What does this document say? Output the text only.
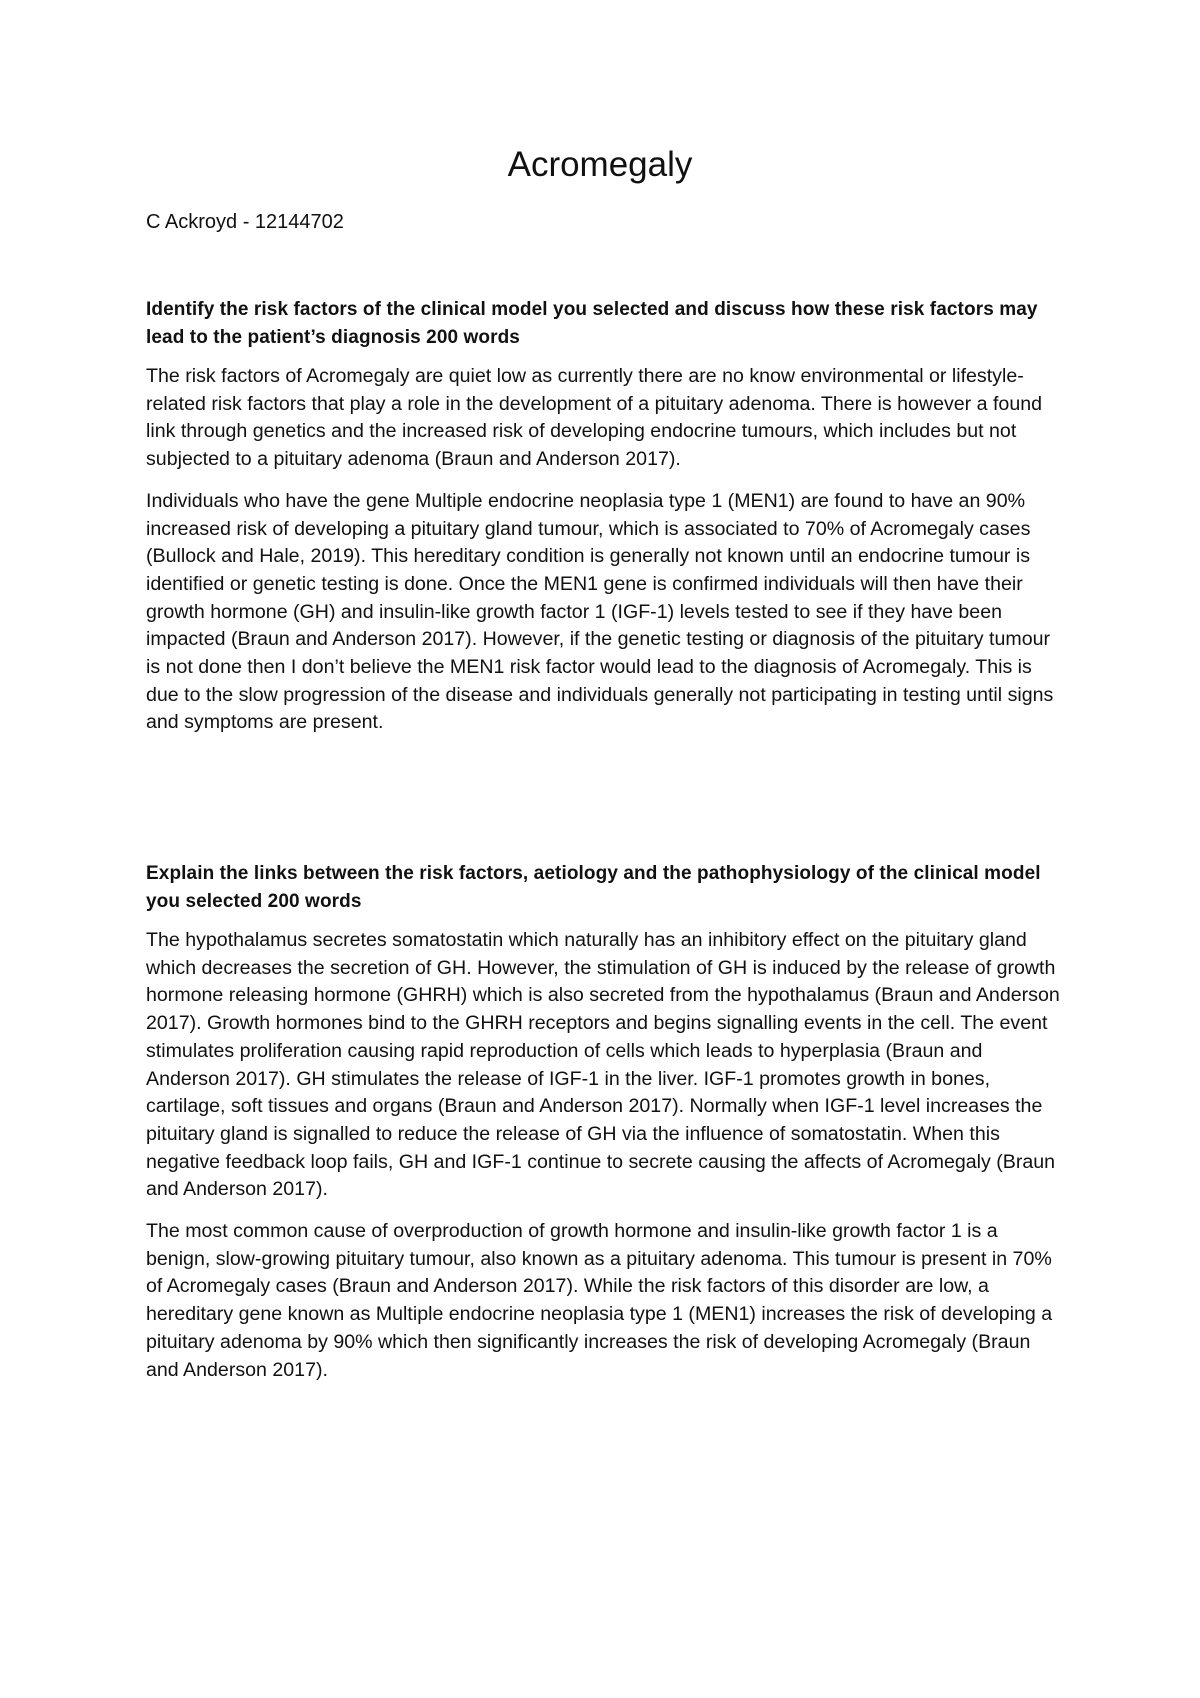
Acromegaly

C Ackroyd - 12144702

Identify the risk factors of the clinical model you selected and discuss how these risk factors may lead to the patient’s diagnosis 200 words

The risk factors of Acromegaly are quiet low as currently there are no know environmental or lifestyle-related risk factors that play a role in the development of a pituitary adenoma. There is however a found link through genetics and the increased risk of developing endocrine tumours, which includes but not subjected to a pituitary adenoma (Braun and Anderson 2017).

Individuals who have the gene Multiple endocrine neoplasia type 1 (MEN1) are found to have an 90% increased risk of developing a pituitary gland tumour, which is associated to 70% of Acromegaly cases (Bullock and Hale, 2019). This hereditary condition is generally not known until an endocrine tumour is identified or genetic testing is done. Once the MEN1 gene is confirmed individuals will then have their growth hormone (GH) and insulin-like growth factor 1 (IGF-1) levels tested to see if they have been impacted (Braun and Anderson 2017). However, if the genetic testing or diagnosis of the pituitary tumour is not done then I don’t believe the MEN1 risk factor would lead to the diagnosis of Acromegaly. This is due to the slow progression of the disease and individuals generally not participating in testing until signs and symptoms are present.

Explain the links between the risk factors, aetiology and the pathophysiology of the clinical model you selected 200 words

The hypothalamus secretes somatostatin which naturally has an inhibitory effect on the pituitary gland which decreases the secretion of GH. However, the stimulation of GH is induced by the release of growth hormone releasing hormone (GHRH) which is also secreted from the hypothalamus (Braun and Anderson 2017). Growth hormones bind to the GHRH receptors and begins signalling events in the cell. The event stimulates proliferation causing rapid reproduction of cells which leads to hyperplasia (Braun and Anderson 2017). GH stimulates the release of IGF-1 in the liver. IGF-1 promotes growth in bones, cartilage, soft tissues and organs (Braun and Anderson 2017). Normally when IGF-1 level increases the pituitary gland is signalled to reduce the release of GH via the influence of somatostatin. When this negative feedback loop fails, GH and IGF-1 continue to secrete causing the affects of Acromegaly (Braun and Anderson 2017).

The most common cause of overproduction of growth hormone and insulin-like growth factor 1 is a benign, slow-growing pituitary tumour, also known as a pituitary adenoma. This tumour is present in 70% of Acromegaly cases (Braun and Anderson 2017). While the risk factors of this disorder are low, a hereditary gene known as Multiple endocrine neoplasia type 1 (MEN1) increases the risk of developing a pituitary adenoma by 90% which then significantly increases the risk of developing Acromegaly (Braun and Anderson 2017).
